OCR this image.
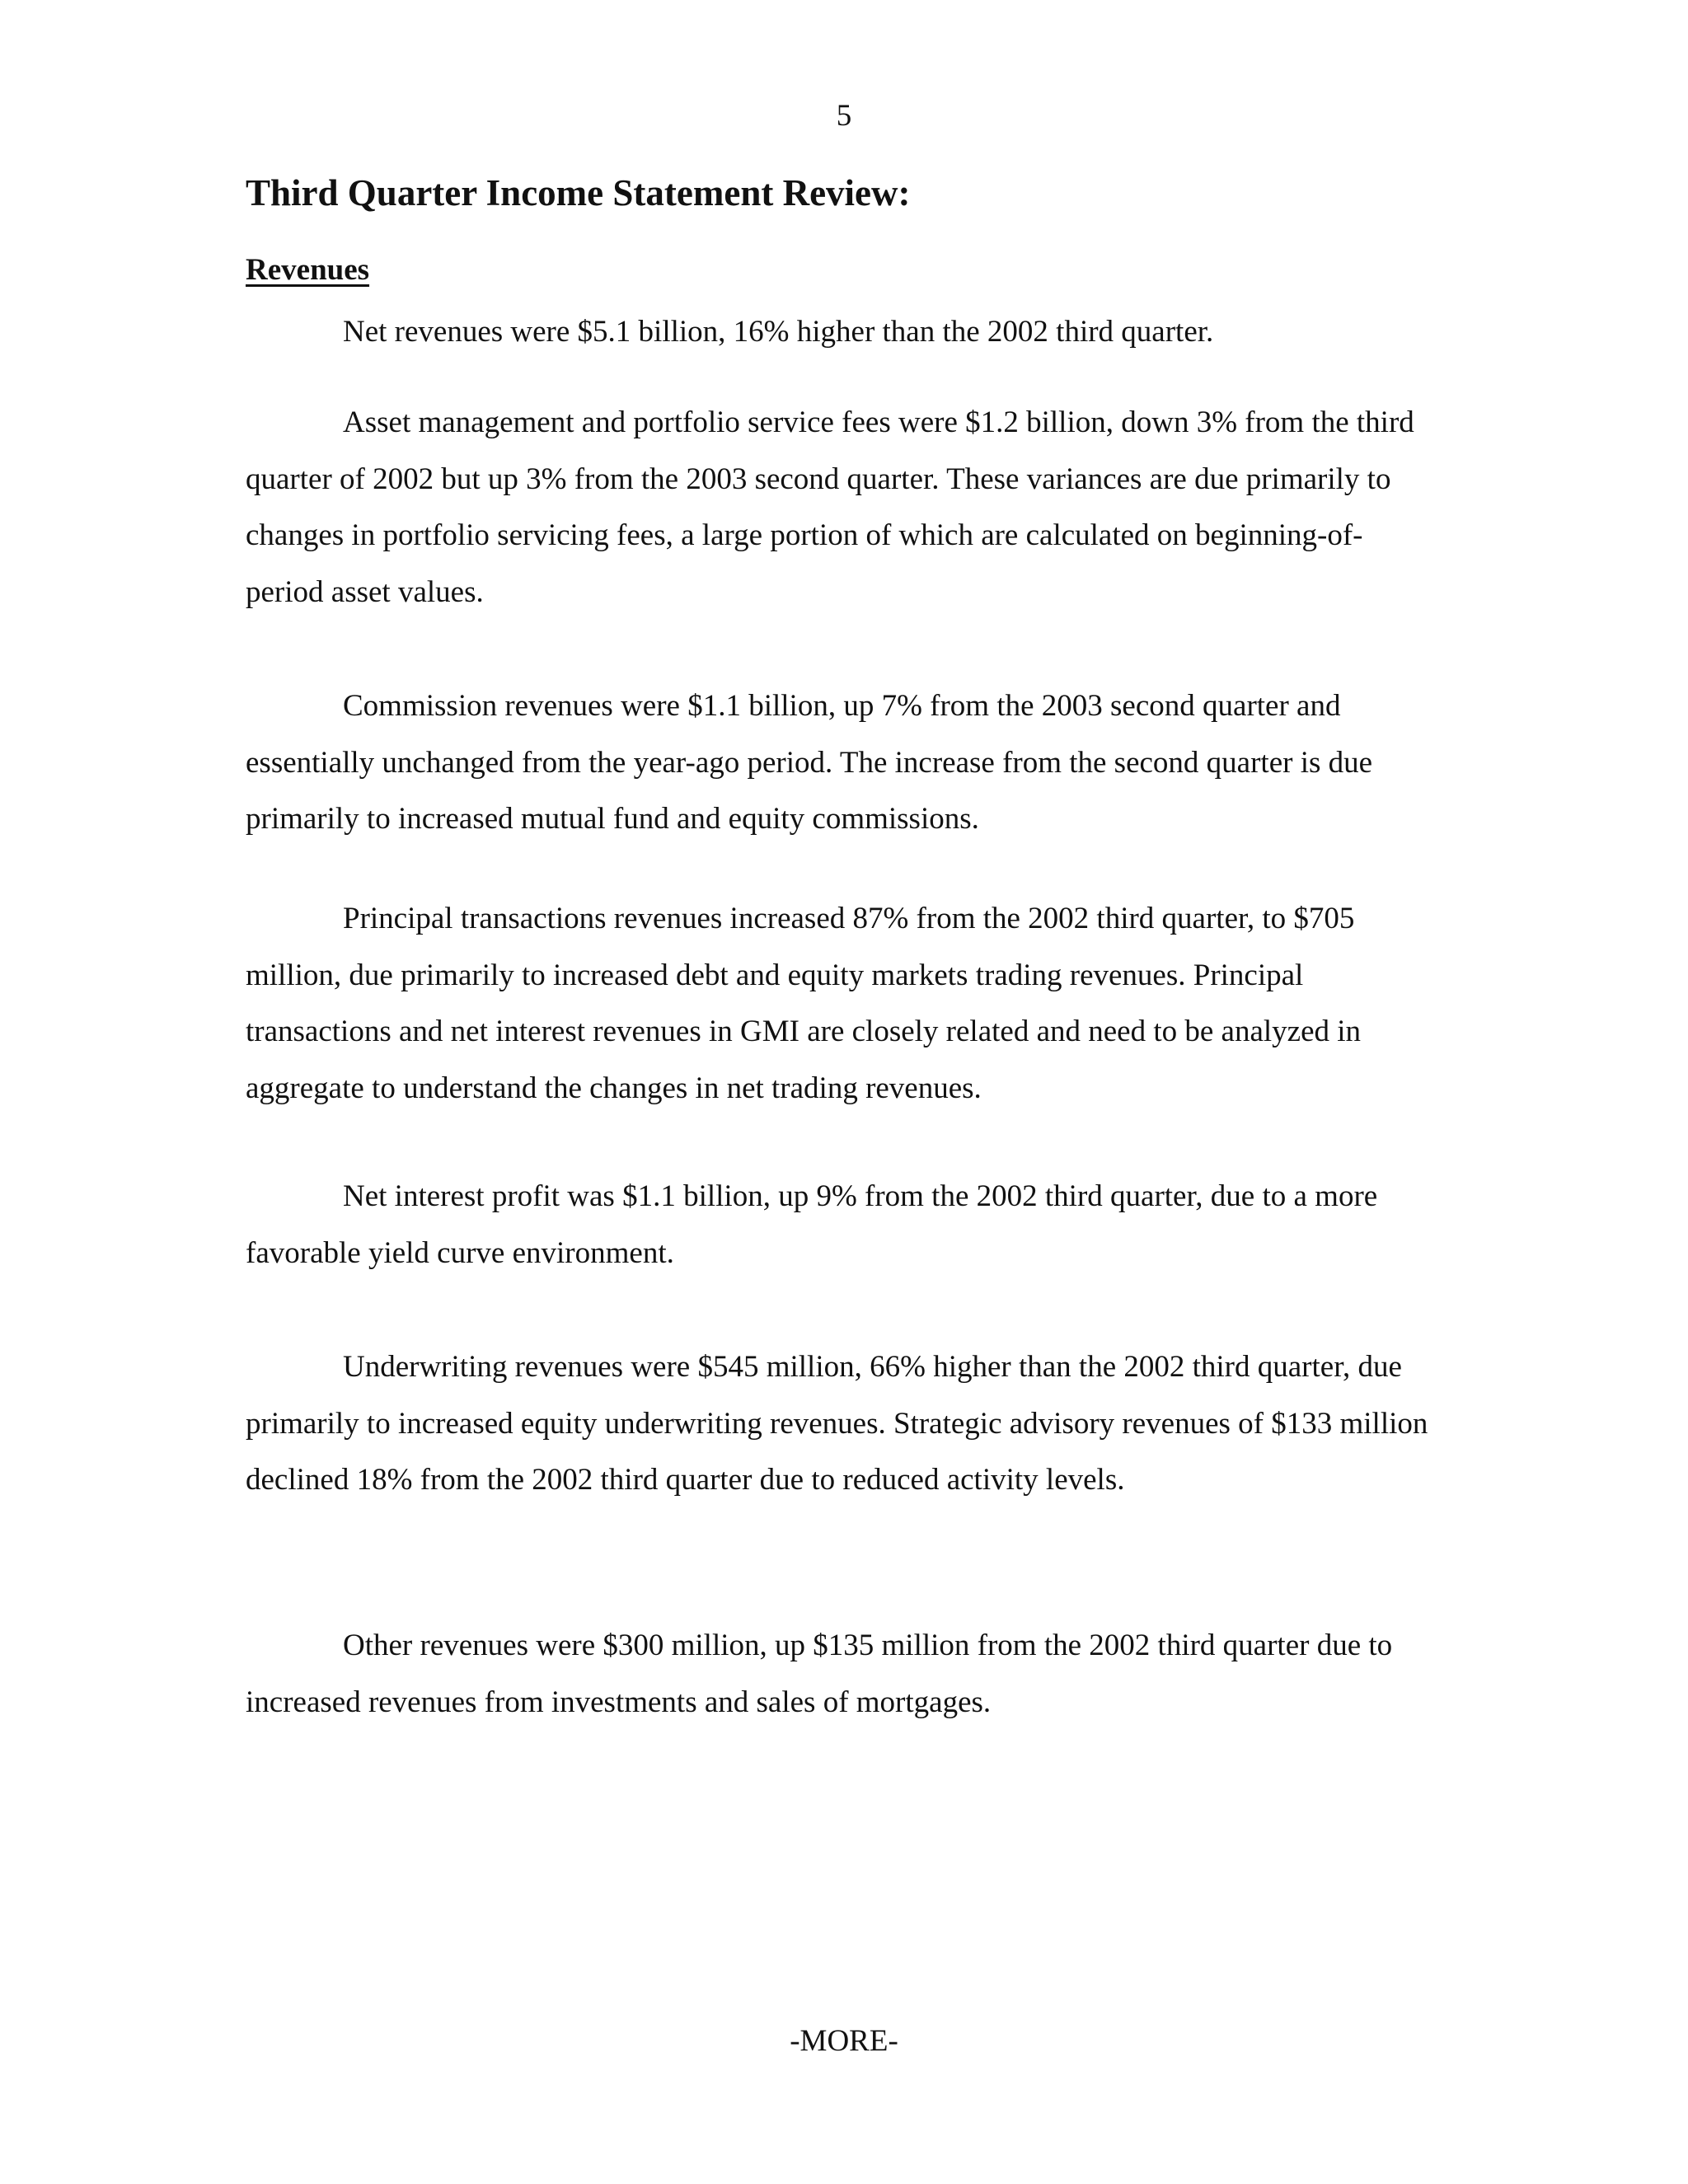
5
Third Quarter Income Statement Review:
Revenues

Net revenues were $5.1 billion, 16% higher than the 2002 third quarter.

Asset management and portfolio service fees were $1.2 billion, down 3% from the third quarter of 2002 but up 3% from the 2003 second quarter. These variances are due primarily to changes in portfolio servicing fees, a large portion of which are calculated on beginning-of-period asset values.

Commission revenues were $1.1 billion, up 7% from the 2003 second quarter and essentially unchanged from the year-ago period. The increase from the second quarter is due primarily to increased mutual fund and equity commissions.

Principal transactions revenues increased 87% from the 2002 third quarter, to $705 million, due primarily to increased debt and equity markets trading revenues. Principal transactions and net interest revenues in GMI are closely related and need to be analyzed in aggregate to understand the changes in net trading revenues.

Net interest profit was $1.1 billion, up 9% from the 2002 third quarter, due to a more favorable yield curve environment.

Underwriting revenues were $545 million, 66% higher than the 2002 third quarter, due primarily to increased equity underwriting revenues. Strategic advisory revenues of $133 million declined 18% from the 2002 third quarter due to reduced activity levels.

Other revenues were $300 million, up $135 million from the 2002 third quarter due to increased revenues from investments and sales of mortgages.

-MORE-
